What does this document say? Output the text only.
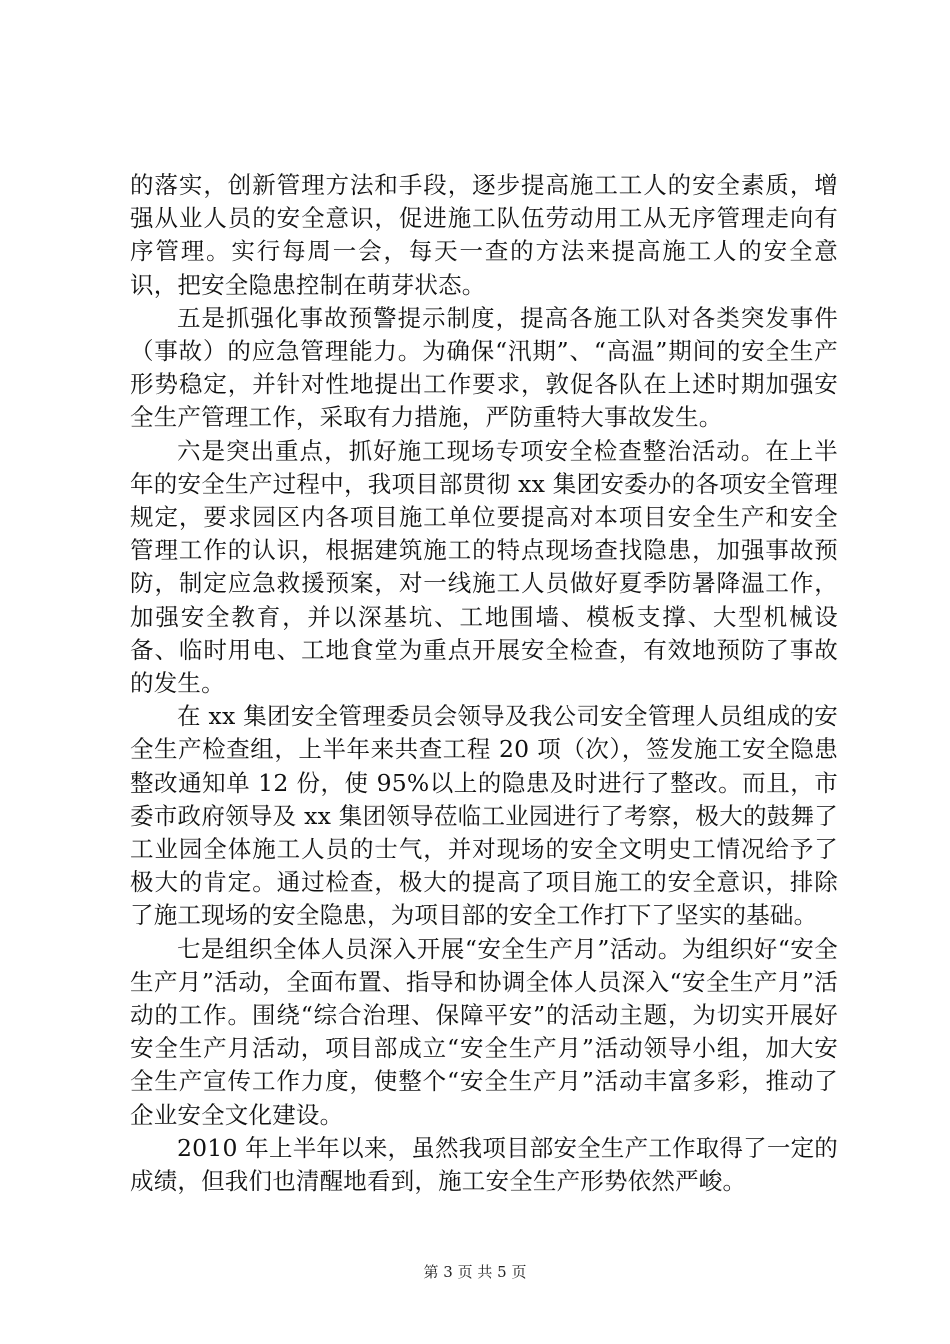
的落实，创新管理方法和手段，逐步提高施工工人的安全素质，增强从业人员的安全意识，促进施工队伍劳动用工从无序管理走向有序管理。实行每周一会，每天一查的方法来提高施工人的安全意识，把安全隐患控制在萌芽状态。

五是抓强化事故预警提示制度，提高各施工队对各类突发事件（事故）的应急管理能力。为确保“汛期”、“高温”期间的安全生产形势稳定，并针对性地提出工作要求，敦促各队在上述时期加强安全生产管理工作，采取有力措施，严防重特大事故发生。

六是突出重点，抓好施工现场专项安全检查整治活动。在上半年的安全生产过程中，我项目部贯彻 xx 集团安委办的各项安全管理规定，要求园区内各项目施工单位要提高对本项目安全生产和安全管理工作的认识，根据建筑施工的特点现场查找隐患，加强事故预防，制定应急救援预案，对一线施工人员做好夏季防暑降温工作，加强安全教育，并以深基坑、工地围墙、模板支撑、大型机械设备、临时用电、工地食堂为重点开展安全检查，有效地预防了事故的发生。

在 xx 集团安全管理委员会领导及我公司安全管理人员组成的安全生产检查组，上半年来共查工程 20 项（次），签发施工安全隐患整改通知单 12 份，使 95%以上的隐患及时进行了整改。而且，市委市政府领导及 xx 集团领导莅临工业园进行了考察，极大的鼓舞了工业园全体施工人员的士气，并对现场的安全文明史工情况给予了极大的肯定。通过检查，极大的提高了项目施工的安全意识，排除了施工现场的安全隐患，为项目部的安全工作打下了坚实的基础。

七是组织全体人员深入开展“安全生产月”活动。为组织好“安全生产月”活动，全面布置、指导和协调全体人员深入“安全生产月”活动的工作。围绕“综合治理、保障平安”的活动主题，为切实开展好安全生产月活动，项目部成立“安全生产月”活动领导小组，加大安全生产宣传工作力度，使整个“安全生产月”活动丰富多彩，推动了企业安全文化建设。

2010 年上半年以来，虽然我项目部安全生产工作取得了一定的成绩，但我们也清醒地看到，施工安全生产形势依然严峻。

第 3 页 共 5 页
